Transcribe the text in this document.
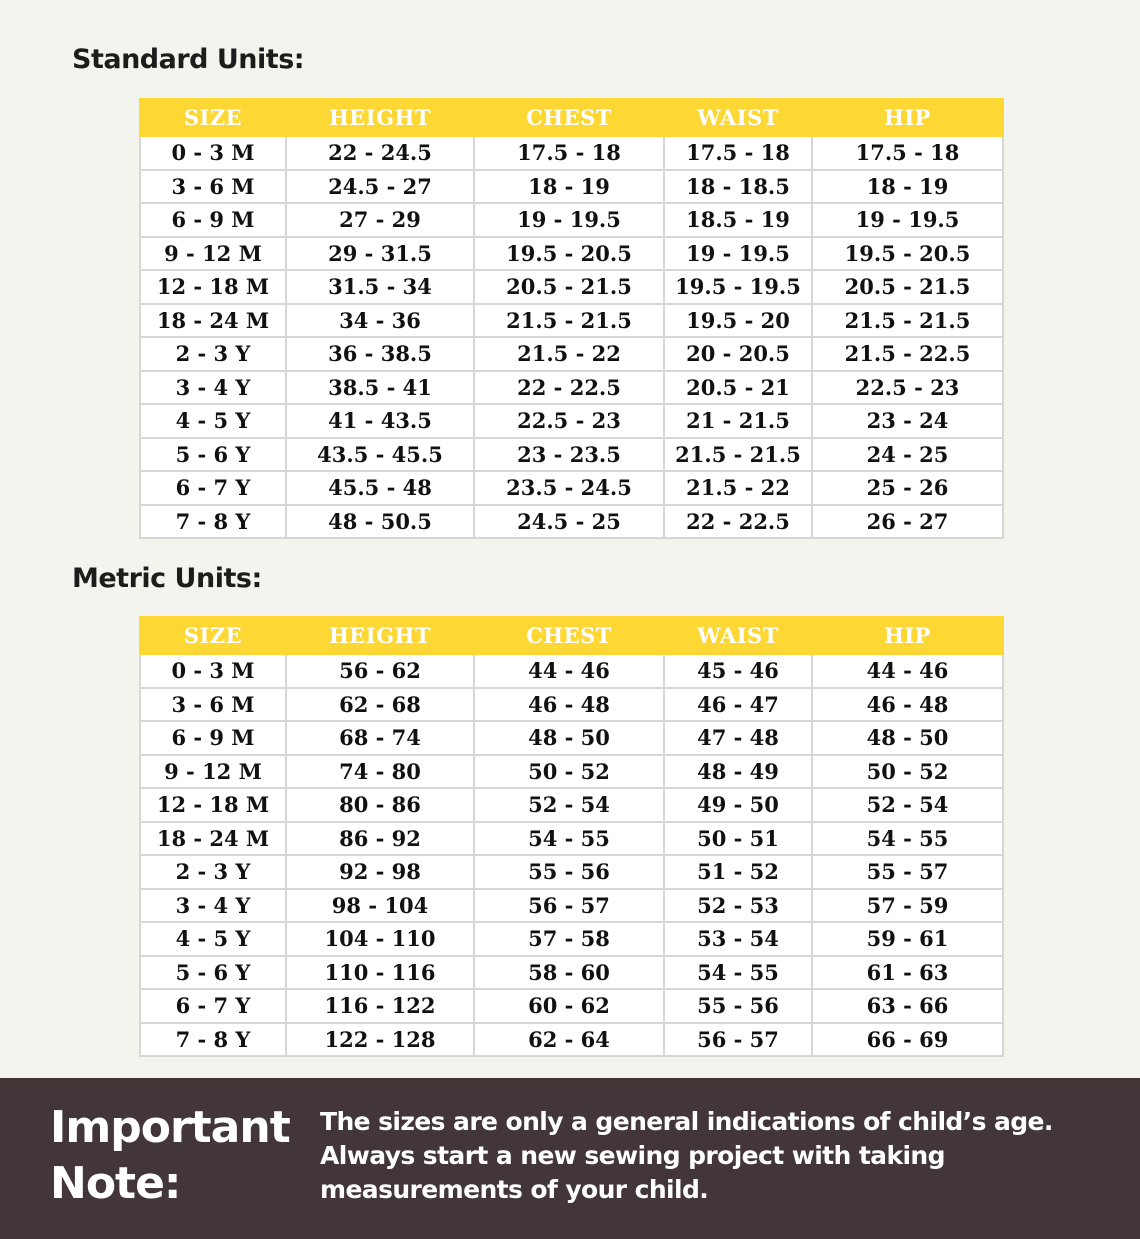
Standard Units:
SIZE	HEIGHT	CHEST	WAIST	HIP
0 - 3 M	22 - 24.5	17.5 - 18	17.5 - 18	17.5 - 18
3 - 6 M	24.5 - 27	18 - 19	18 - 18.5	18 - 19
6 - 9 M	27 - 29	19 - 19.5	18.5 - 19	19 - 19.5
9 - 12 M	29 - 31.5	19.5 - 20.5	19 - 19.5	19.5 - 20.5
12 - 18 M	31.5 - 34	20.5 - 21.5	19.5 - 19.5	20.5 - 21.5
18 - 24 M	34 - 36	21.5 - 21.5	19.5 - 20	21.5 - 21.5
2 - 3 Y	36 - 38.5	21.5 - 22	20 - 20.5	21.5 - 22.5
3 - 4 Y	38.5 - 41	22 - 22.5	20.5 - 21	22.5 - 23
4 - 5 Y	41 - 43.5	22.5 - 23	21 - 21.5	23 - 24
5 - 6 Y	43.5 - 45.5	23 - 23.5	21.5 - 21.5	24 - 25
6 - 7 Y	45.5 - 48	23.5 - 24.5	21.5 - 22	25 - 26
7 - 8 Y	48 - 50.5	24.5 - 25	22 - 22.5	26 - 27
Metric Units:
SIZE	HEIGHT	CHEST	WAIST	HIP
0 - 3 M	56 - 62	44 - 46	45 - 46	44 - 46
3 - 6 M	62 - 68	46 - 48	46 - 47	46 - 48
6 - 9 M	68 - 74	48 - 50	47 - 48	48 - 50
9 - 12 M	74 - 80	50 - 52	48 - 49	50 - 52
12 - 18 M	80 - 86	52 - 54	49 - 50	52 - 54
18 - 24 M	86 - 92	54 - 55	50 - 51	54 - 55
2 - 3 Y	92 - 98	55 - 56	51 - 52	55 - 57
3 - 4 Y	98 - 104	56 - 57	52 - 53	57 - 59
4 - 5 Y	104 - 110	57 - 58	53 - 54	59 - 61
5 - 6 Y	110 - 116	58 - 60	54 - 55	61 - 63
6 - 7 Y	116 - 122	60 - 62	55 - 56	63 - 66
7 - 8 Y	122 - 128	62 - 64	56 - 57	66 - 69
Important
Note:

The sizes are only a general indications of child’s age.
Always start a new sewing project with taking
measurements of your child.
